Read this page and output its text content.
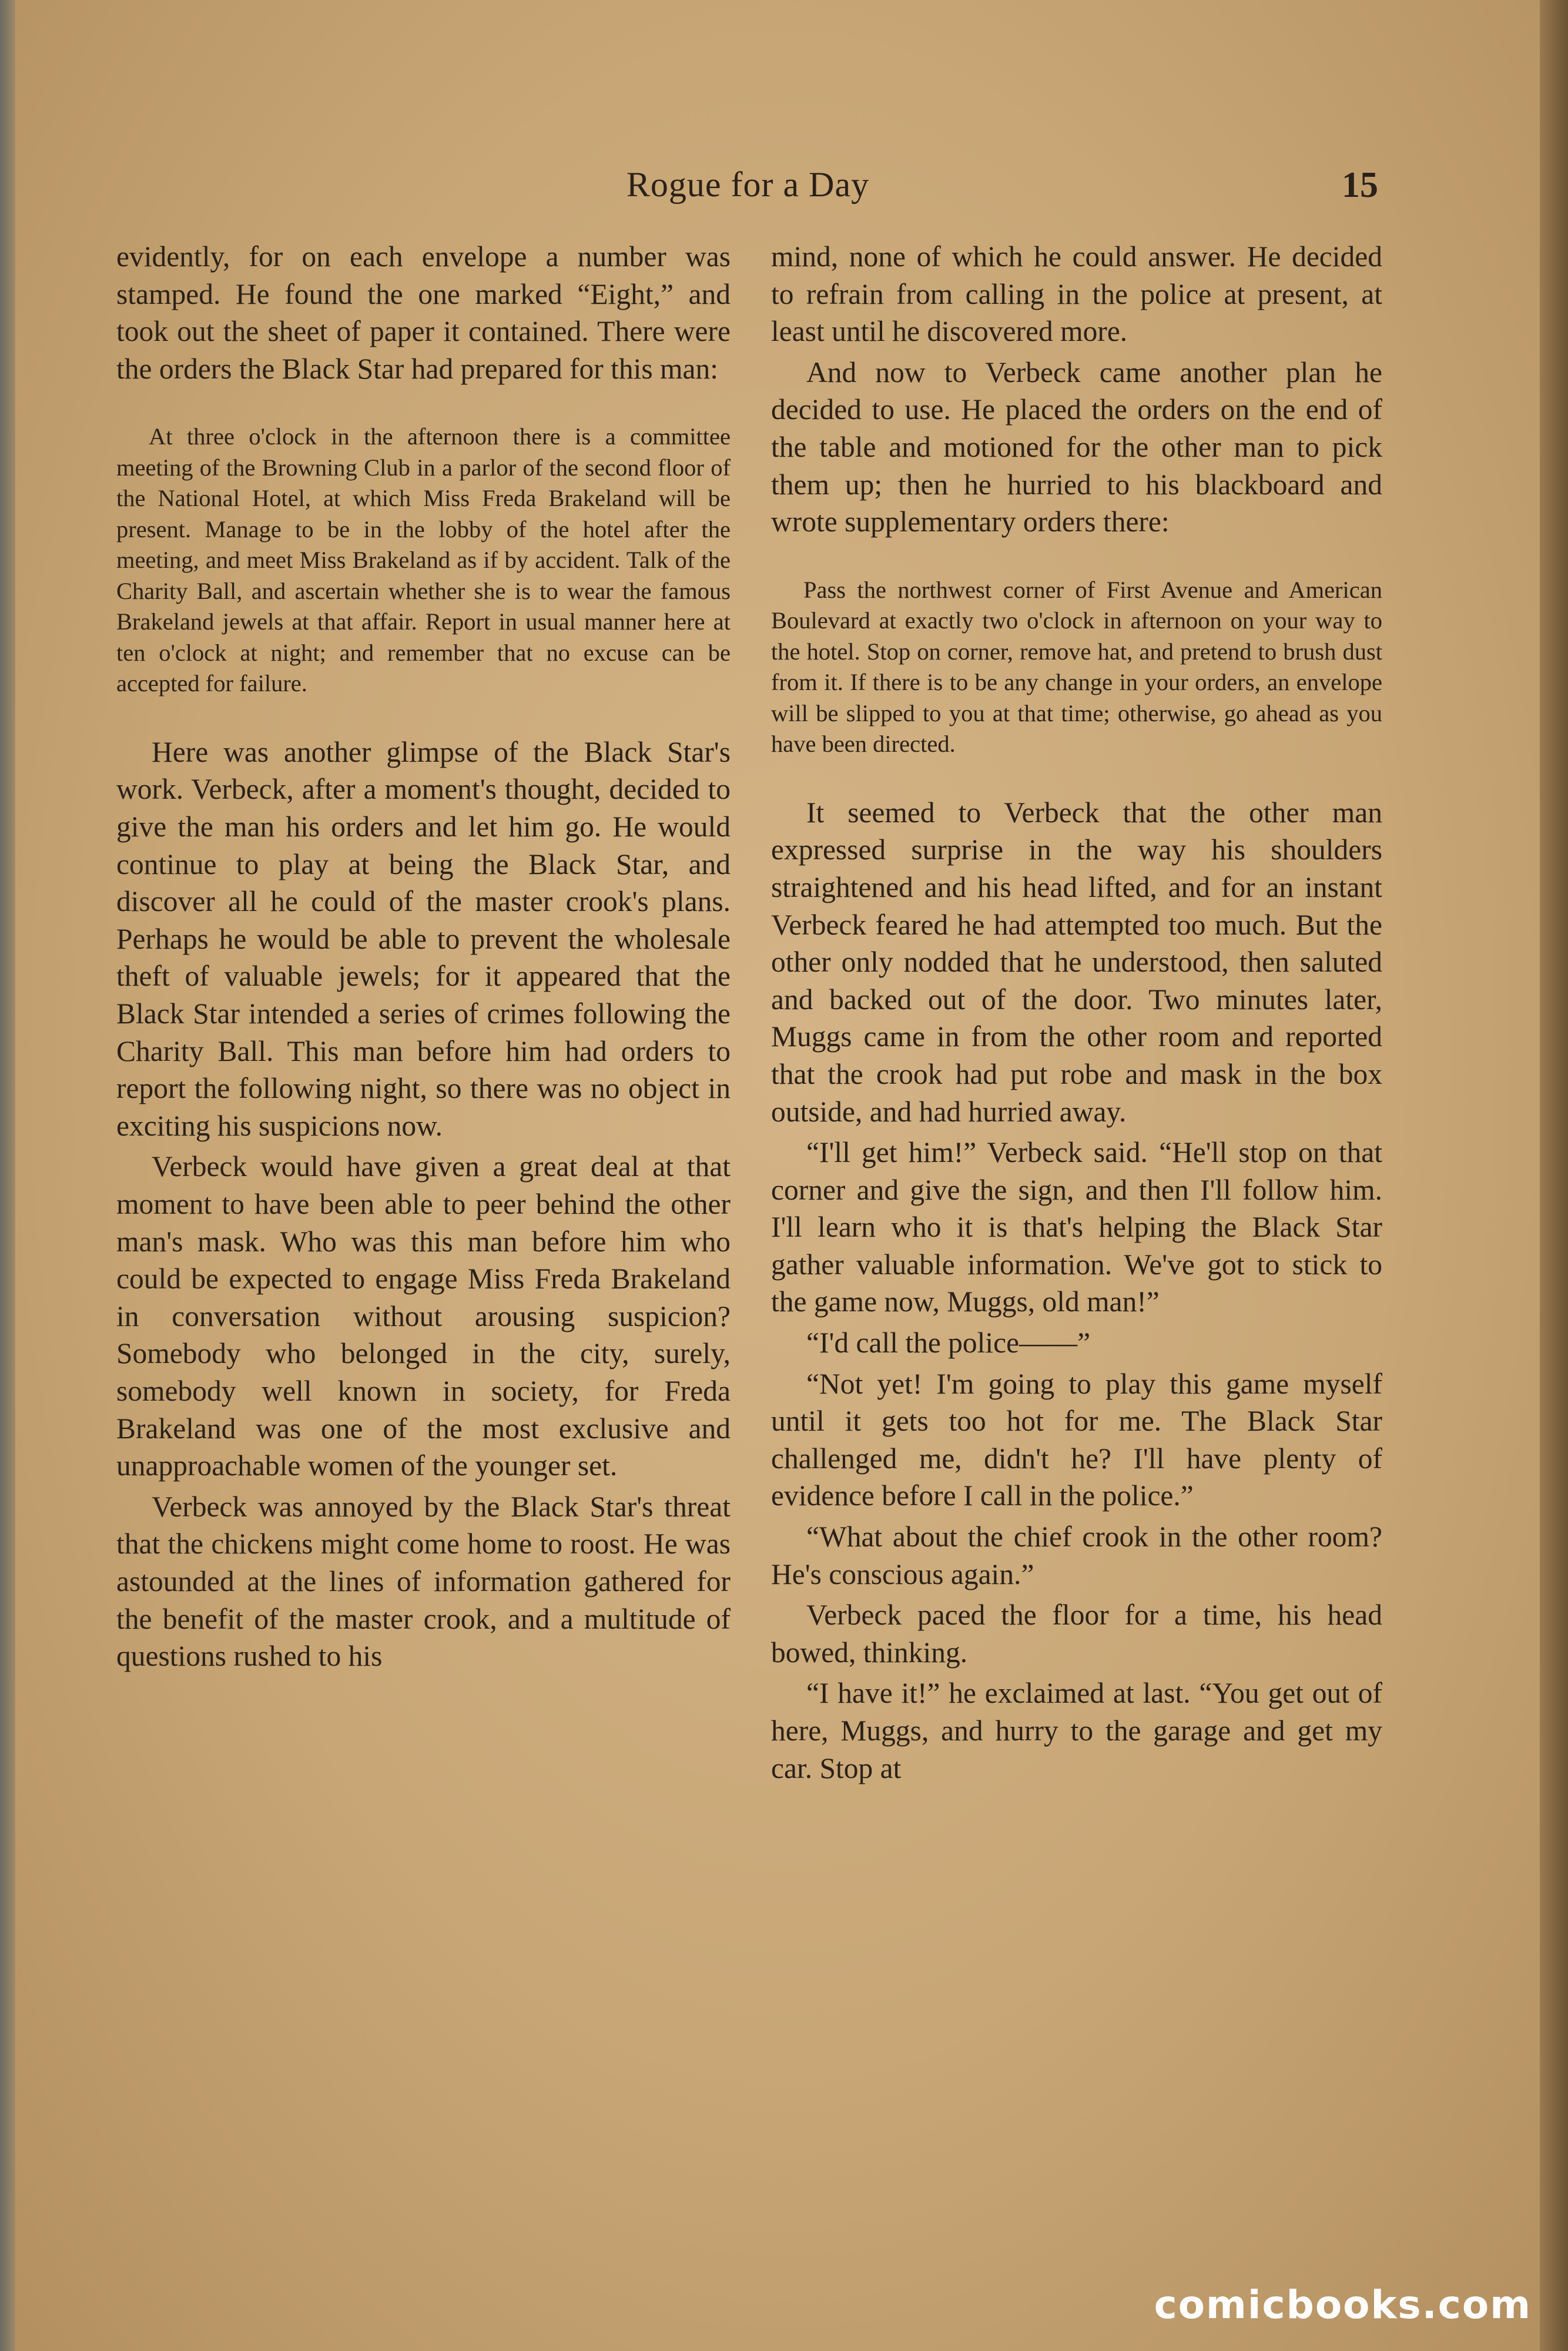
Rogue for a Day	15

evidently, for on each envelope a number was stamped. He found the one marked “Eight,” and took out the sheet of paper it contained. There were the orders the Black Star had prepared for this man:

At three o'clock in the afternoon there is a committee meeting of the Browning Club in a parlor of the second floor of the National Hotel, at which Miss Freda Brakeland will be present. Manage to be in the lobby of the hotel after the meeting, and meet Miss Brakeland as if by accident. Talk of the Charity Ball, and ascertain whether she is to wear the famous Brakeland jewels at that affair. Report in usual manner here at ten o'clock at night; and remember that no excuse can be accepted for failure.

Here was another glimpse of the Black Star's work. Verbeck, after a moment's thought, decided to give the man his orders and let him go. He would continue to play at being the Black Star, and discover all he could of the master crook's plans. Perhaps he would be able to prevent the wholesale theft of valuable jewels; for it appeared that the Black Star intended a series of crimes following the Charity Ball. This man before him had orders to report the following night, so there was no object in exciting his suspicions now.

Verbeck would have given a great deal at that moment to have been able to peer behind the other man's mask. Who was this man before him who could be expected to engage Miss Freda Brakeland in conversation without arousing suspicion? Somebody who belonged in the city, surely, somebody well known in society, for Freda Brakeland was one of the most exclusive and unapproachable women of the younger set.

Verbeck was annoyed by the Black Star's threat that the chickens might come home to roost. He was astounded at the lines of information gathered for the benefit of the master crook, and a multitude of questions rushed to his

mind, none of which he could answer. He decided to refrain from calling in the police at present, at least until he discovered more.

And now to Verbeck came another plan he decided to use. He placed the orders on the end of the table and motioned for the other man to pick them up; then he hurried to his blackboard and wrote supplementary orders there:

Pass the northwest corner of First Avenue and American Boulevard at exactly two o'clock in afternoon on your way to the hotel. Stop on corner, remove hat, and pretend to brush dust from it. If there is to be any change in your orders, an envelope will be slipped to you at that time; otherwise, go ahead as you have been directed.

It seemed to Verbeck that the other man expressed surprise in the way his shoulders straightened and his head lifted, and for an instant Verbeck feared he had attempted too much. But the other only nodded that he understood, then saluted and backed out of the door. Two minutes later, Muggs came in from the other room and reported that the crook had put robe and mask in the box outside, and had hurried away.

“I'll get him!” Verbeck said. “He'll stop on that corner and give the sign, and then I'll follow him. I'll learn who it is that's helping the Black Star gather valuable information. We've got to stick to the game now, Muggs, old man!”

“I'd call the police——”

“Not yet! I'm going to play this game myself until it gets too hot for me. The Black Star challenged me, didn't he? I'll have plenty of evidence before I call in the police.”

“What about the chief crook in the other room? He's conscious again.”

Verbeck paced the floor for a time, his head bowed, thinking.

“I have it!” he exclaimed at last. “You get out of here, Muggs, and hurry to the garage and get my car. Stop at

comicbooks.com
